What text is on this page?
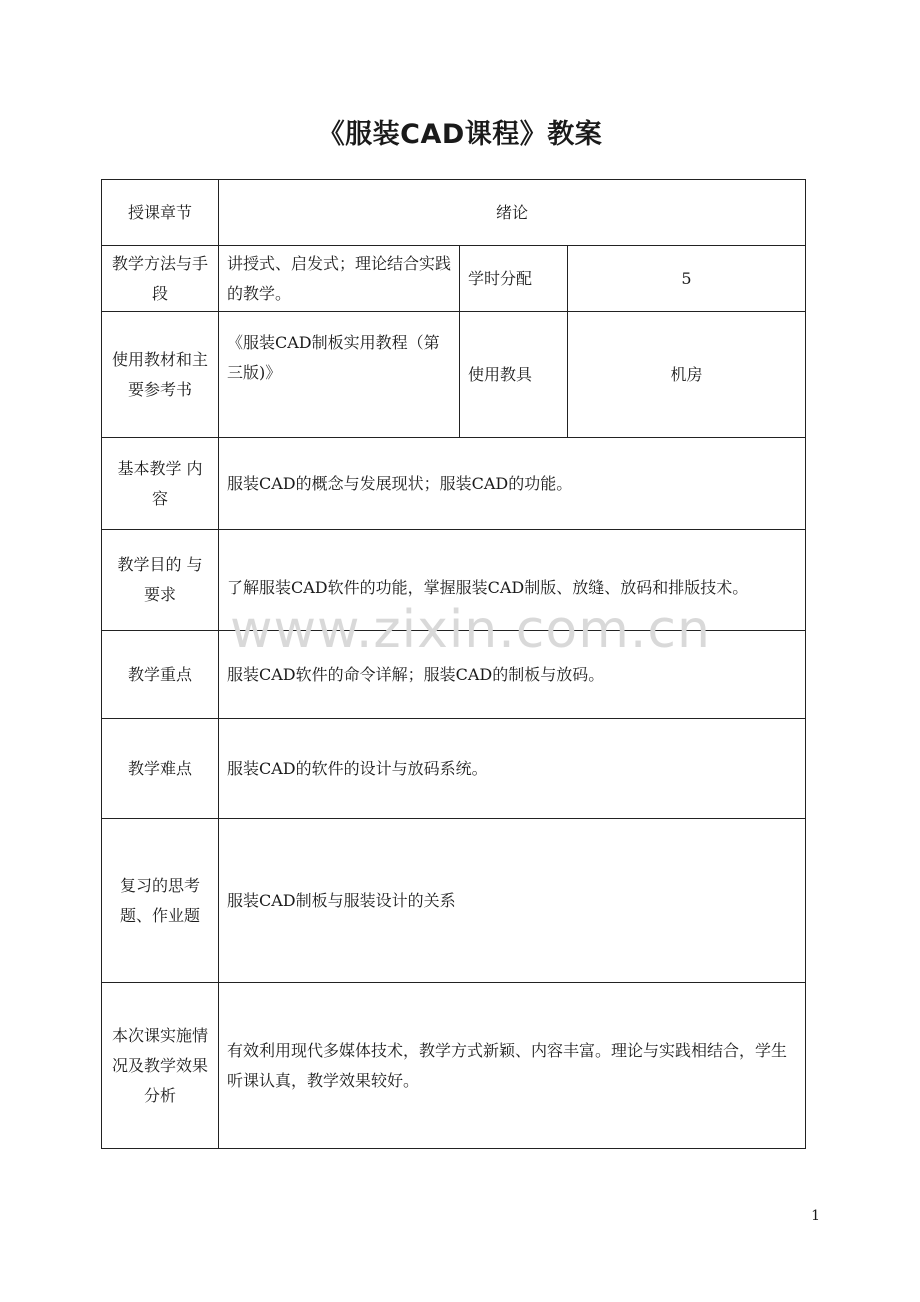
《服装CAD课程》教案
授课章节	绪论		
教学方法与手段	讲授式、启发式；理论结合实践的教学。	学时分配	5
使用教材和主要参考书	《服装CAD制板实用教程（第三版)》	使用教具	机房
基本教学 内容	服装CAD的概念与发展现状；服装CAD的功能。		
教学目的 与要求	了解服装CAD软件的功能，掌握服装CAD制版、放缝、放码和排版技术。		
教学重点	服装CAD软件的命令详解；服装CAD的制板与放码。		
教学难点	服装CAD的软件的设计与放码系统。		
复习的思考题、作业题	服装CAD制板与服装设计的关系		
本次课实施情况及教学效果分析	有效利用现代多媒体技术，教学方式新颖、内容丰富。理论与实践相结合，学生听课认真，教学效果较好。		
www.zixin.com.cn
1
